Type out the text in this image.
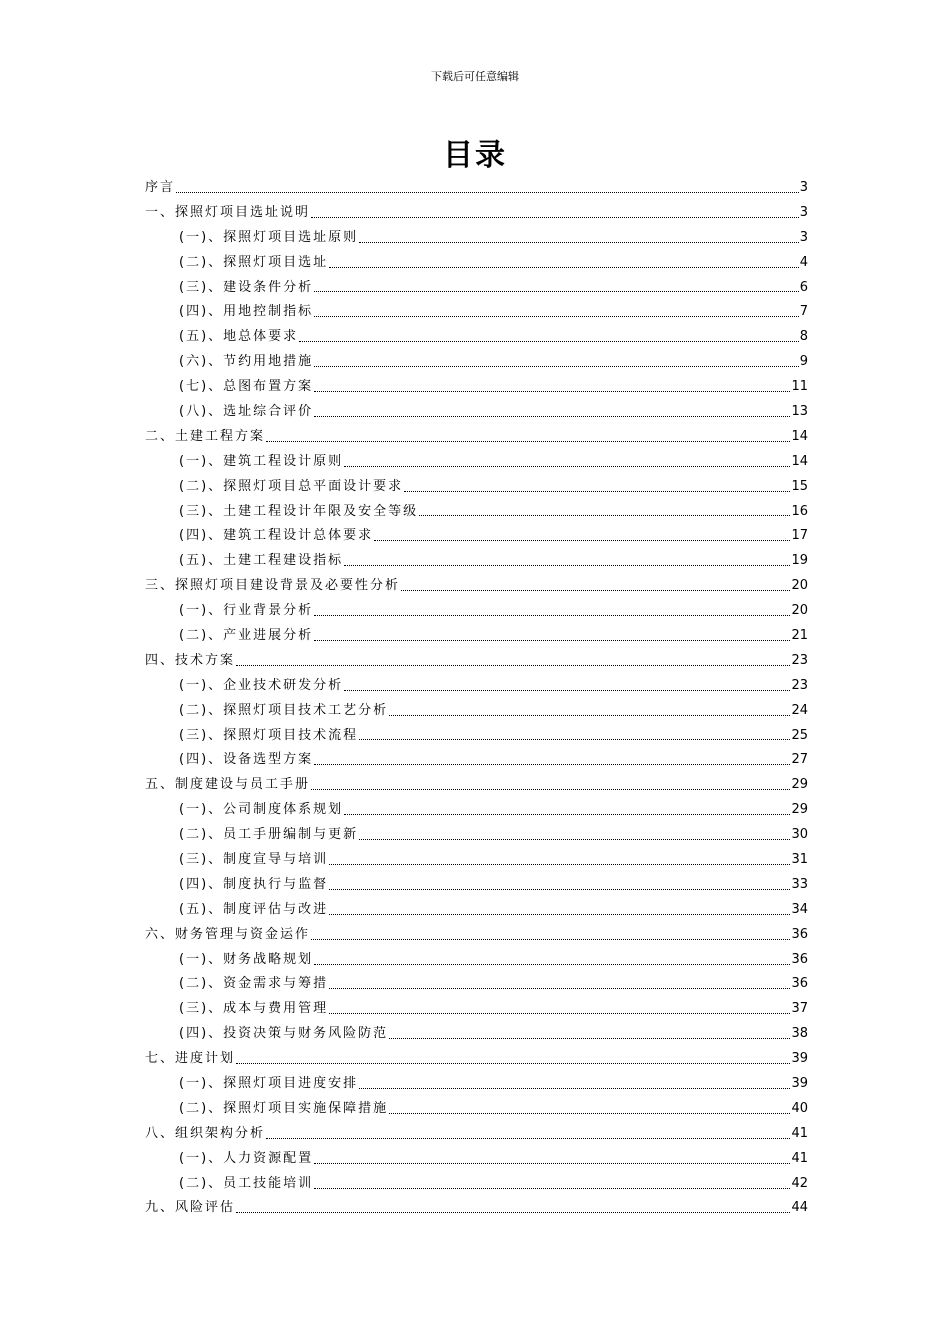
下载后可任意编辑
目录
序言	3
一、探照灯项目选址说明	3
(一)、探照灯项目选址原则	3
(二)、探照灯项目选址	4
(三)、建设条件分析	6
(四)、用地控制指标	7
(五)、地总体要求	8
(六)、节约用地措施	9
(七)、总图布置方案	11
(八)、选址综合评价	13
二、土建工程方案	14
(一)、建筑工程设计原则	14
(二)、探照灯项目总平面设计要求	15
(三)、土建工程设计年限及安全等级	16
(四)、建筑工程设计总体要求	17
(五)、土建工程建设指标	19
三、探照灯项目建设背景及必要性分析	20
(一)、行业背景分析	20
(二)、产业进展分析	21
四、技术方案	23
(一)、企业技术研发分析	23
(二)、探照灯项目技术工艺分析	24
(三)、探照灯项目技术流程	25
(四)、设备选型方案	27
五、制度建设与员工手册	29
(一)、公司制度体系规划	29
(二)、员工手册编制与更新	30
(三)、制度宣导与培训	31
(四)、制度执行与监督	33
(五)、制度评估与改进	34
六、财务管理与资金运作	36
(一)、财务战略规划	36
(二)、资金需求与筹措	36
(三)、成本与费用管理	37
(四)、投资决策与财务风险防范	38
七、进度计划	39
(一)、探照灯项目进度安排	39
(二)、探照灯项目实施保障措施	40
八、组织架构分析	41
(一)、人力资源配置	41
(二)、员工技能培训	42
九、风险评估	44
